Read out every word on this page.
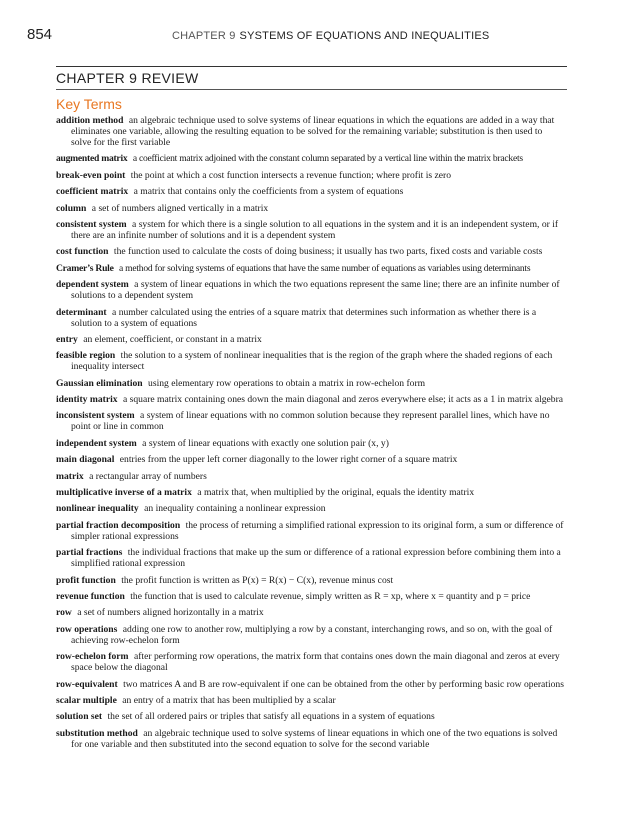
854	CHAPTER 9 SYSTEMS OF EQUATIONS AND INEQUALITIES
CHAPTER 9 REVIEW
Key Terms
addition method an algebraic technique used to solve systems of linear equations in which the equations are added in a way that eliminates one variable, allowing the resulting equation to be solved for the remaining variable; substitution is then used to solve for the first variable
augmented matrix a coefficient matrix adjoined with the constant column separated by a vertical line within the matrix brackets
break-even point the point at which a cost function intersects a revenue function; where profit is zero
coefficient matrix a matrix that contains only the coefficients from a system of equations
column a set of numbers aligned vertically in a matrix
consistent system a system for which there is a single solution to all equations in the system and it is an independent system, or if there are an infinite number of solutions and it is a dependent system
cost function the function used to calculate the costs of doing business; it usually has two parts, fixed costs and variable costs
Cramer’s Rule a method for solving systems of equations that have the same number of equations as variables using determinants
dependent system a system of linear equations in which the two equations represent the same line; there are an infinite number of solutions to a dependent system
determinant a number calculated using the entries of a square matrix that determines such information as whether there is a solution to a system of equations
entry an element, coefficient, or constant in a matrix
feasible region the solution to a system of nonlinear inequalities that is the region of the graph where the shaded regions of each inequality intersect
Gaussian elimination using elementary row operations to obtain a matrix in row-echelon form
identity matrix a square matrix containing ones down the main diagonal and zeros everywhere else; it acts as a 1 in matrix algebra
inconsistent system a system of linear equations with no common solution because they represent parallel lines, which have no point or line in common
independent system a system of linear equations with exactly one solution pair (x, y)
main diagonal entries from the upper left corner diagonally to the lower right corner of a square matrix
matrix a rectangular array of numbers
multiplicative inverse of a matrix a matrix that, when multiplied by the original, equals the identity matrix
nonlinear inequality an inequality containing a nonlinear expression
partial fraction decomposition the process of returning a simplified rational expression to its original form, a sum or difference of simpler rational expressions
partial fractions the individual fractions that make up the sum or difference of a rational expression before combining them into a simplified rational expression
profit function the profit function is written as P(x) = R(x) − C(x), revenue minus cost
revenue function the function that is used to calculate revenue, simply written as R = xp, where x = quantity and p = price
row a set of numbers aligned horizontally in a matrix
row operations adding one row to another row, multiplying a row by a constant, interchanging rows, and so on, with the goal of achieving row-echelon form
row-echelon form after performing row operations, the matrix form that contains ones down the main diagonal and zeros at every space below the diagonal
row-equivalent two matrices A and B are row-equivalent if one can be obtained from the other by performing basic row operations
scalar multiple an entry of a matrix that has been multiplied by a scalar
solution set the set of all ordered pairs or triples that satisfy all equations in a system of equations
substitution method an algebraic technique used to solve systems of linear equations in which one of the two equations is solved for one variable and then substituted into the second equation to solve for the second variable
